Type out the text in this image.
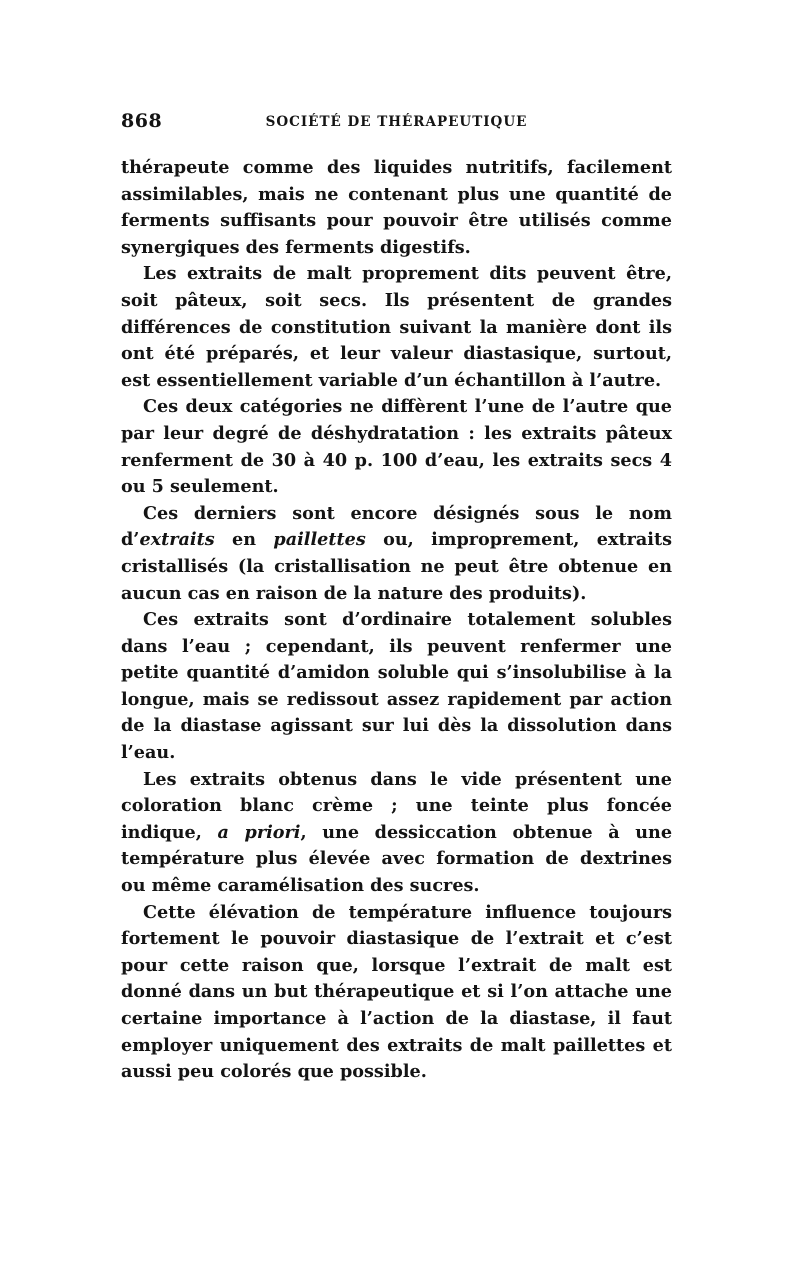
868	SOCIÉTÉ DE THÉRAPEUTIQUE

thérapeute comme des liquides nutritifs, facilement assimilables, mais ne contenant plus une quantité de ferments suffisants pour pouvoir être utilisés comme synergiques des ferments digestifs.

Les extraits de malt proprement dits peuvent être, soit pâteux, soit secs. Ils présentent de grandes différences de constitution suivant la manière dont ils ont été préparés, et leur valeur diastasique, surtout, est essentiellement variable d’un échantillon à l’autre.

Ces deux catégories ne diffèrent l’une de l’autre que par leur degré de déshydratation : les extraits pâteux renferment de 30 à 40 p. 100 d’eau, les extraits secs 4 ou 5 seulement.

Ces derniers sont encore désignés sous le nom d’extraits en paillettes ou, improprement, extraits cristallisés (la cristallisation ne peut être obtenue en aucun cas en raison de la nature des produits).

Ces extraits sont d’ordinaire totalement solubles dans l’eau ; cependant, ils peuvent renfermer une petite quantité d’amidon soluble qui s’insolubilise à la longue, mais se redissout assez rapidement par action de la diastase agissant sur lui dès la dissolution dans l’eau.

Les extraits obtenus dans le vide présentent une coloration blanc crème ; une teinte plus foncée indique, a priori, une dessiccation obtenue à une température plus élevée avec formation de dextrines ou même caramélisation des sucres.

Cette élévation de température influence toujours fortement le pouvoir diastasique de l’extrait et c’est pour cette raison que, lorsque l’extrait de malt est donné dans un but thérapeutique et si l’on attache une certaine importance à l’action de la diastase, il faut employer uniquement des extraits de malt paillettes et aussi peu colorés que possible.
